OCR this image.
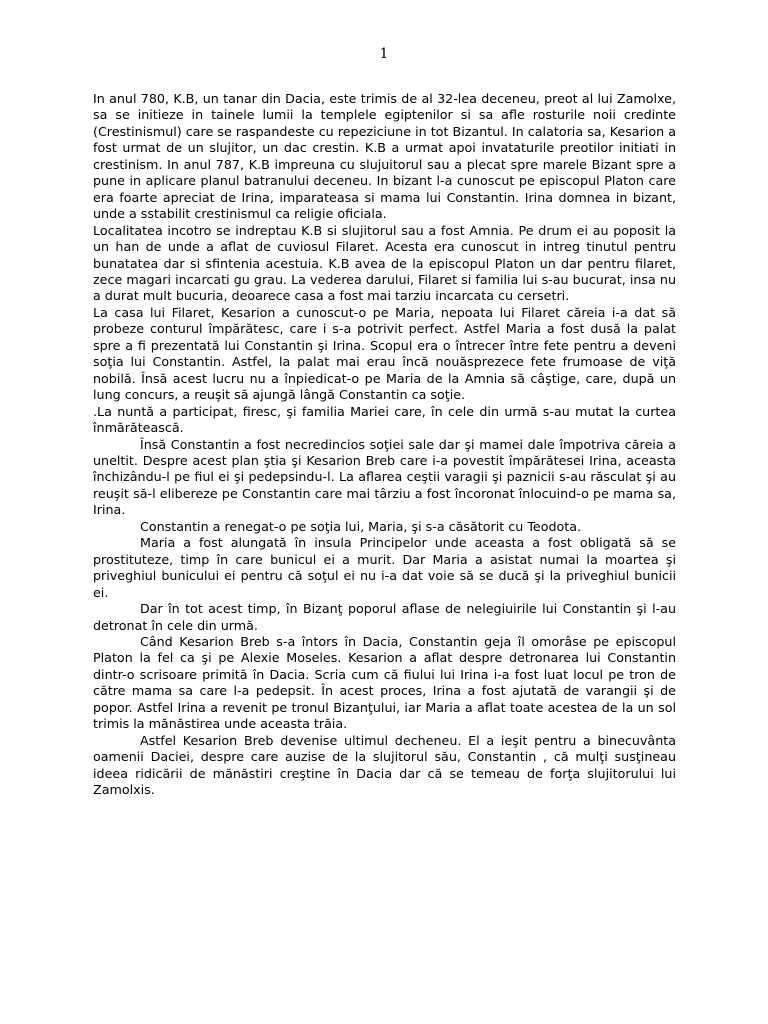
1

In anul 780, K.B, un tanar din Dacia, este trimis de al 32-lea deceneu, preot al lui Zamolxe, sa se initieze in tainele lumii la templele egiptenilor si sa afle rosturile noii credinte (Crestinismul) care se raspandeste cu repeziciune in tot Bizantul. In calatoria sa, Kesarion a fost urmat de un slujitor, un dac crestin. K.B a urmat apoi invataturile preotilor initiati in crestinism. In anul 787, K.B impreuna cu slujuitorul sau a plecat spre marele Bizant spre a pune in aplicare planul batranului deceneu. In bizant l-a cunoscut pe episcopul Platon care era foarte apreciat de Irina, imparateasa si mama lui Constantin. Irina domnea in bizant, unde a sstabilit crestinismul ca religie oficiala.

Localitatea incotro se indreptau K.B si slujitorul sau a fost Amnia. Pe drum ei au poposit la un han de unde a aflat de cuviosul Filaret. Acesta era cunoscut in intreg tinutul pentru bunatatea dar si sfintenia acestuia. K.B avea de la episcopul Platon un dar pentru filaret, zece magari incarcati gu grau. La vederea darului, Filaret si familia lui s-au bucurat, insa nu a durat mult bucuria, deoarece casa a fost mai tarziu incarcata cu cersetri.

La casa lui Filaret, Kesarion a cunoscut-o pe Maria, nepoata lui Filaret căreia i-a dat să probeze conturul împărătesc, care i s-a potrivit perfect. Astfel Maria a fost dusă la palat spre a fi prezentată lui Constantin şi Irina. Scopul era o întrecer între fete pentru a deveni soţia lui Constantin. Astfel, la palat mai erau încă nouăsprezece fete frumoase de viţă nobilă. Însă acest lucru nu a înpiedicat-o pe Maria de la Amnia să câştige, care, după un lung concurs, a reuşit să ajungă lângă Constantin ca soţie.

.La nuntă a participat, firesc, şi familia Mariei care, în cele din urmă s-au mutat la curtea înmărătească.

Însă Constantin a fost necredincios soţiei sale dar şi mamei dale împotriva căreia a uneltit. Despre acest plan ştia şi Kesarion Breb care i-a povestit împărătesei Irina, aceasta închizându-l pe fiul ei şi pedepsindu-l. La aflarea ceştii varagii şi paznicii s-au răsculat şi au reuşit să-l elibereze pe Constantin care mai târziu a fost încoronat înlocuind-o pe mama sa, Irina.

Constantin a renegat-o pe soţia lui, Maria, şi s-a căsătorit cu Teodota.

Maria a fost alungată în insula Principelor unde aceasta a fost obligată să se prostituteze, timp în care bunicul ei a murit. Dar Maria a asistat numai la moartea şi priveghiul bunicului ei pentru că soţul ei nu i-a dat voie să se ducă şi la priveghiul bunicii ei.

Dar în tot acest timp, în Bizanţ poporul aflase de nelegiuirile lui Constantin şi l-au detronat în cele din urmă.

Când Kesarion Breb s-a întors în Dacia, Constantin geja îl omorâse pe episcopul Platon la fel ca şi pe Alexie Moseles. Kesarion a aflat despre detronarea lui Constantin dintr-o scrisoare primită în Dacia. Scria cum că fiului lui Irina i-a fost luat locul pe tron de către mama sa care l-a pedepsit. În acest proces, Irina a fost ajutată de varangii şi de popor. Astfel Irina a revenit pe tronul Bizanţului, iar Maria a aflat toate acestea de la un sol trimis la mănăstirea unde aceasta trăia.

Astfel Kesarion Breb devenise ultimul decheneu. El a ieşit pentru a binecuvânta oamenii Daciei, despre care auzise de la slujitorul său, Constantin , că mulţi susţineau ideea ridicării de mănăstiri creştine în Dacia dar că se temeau de forţa slujitorului lui Zamolxis.
